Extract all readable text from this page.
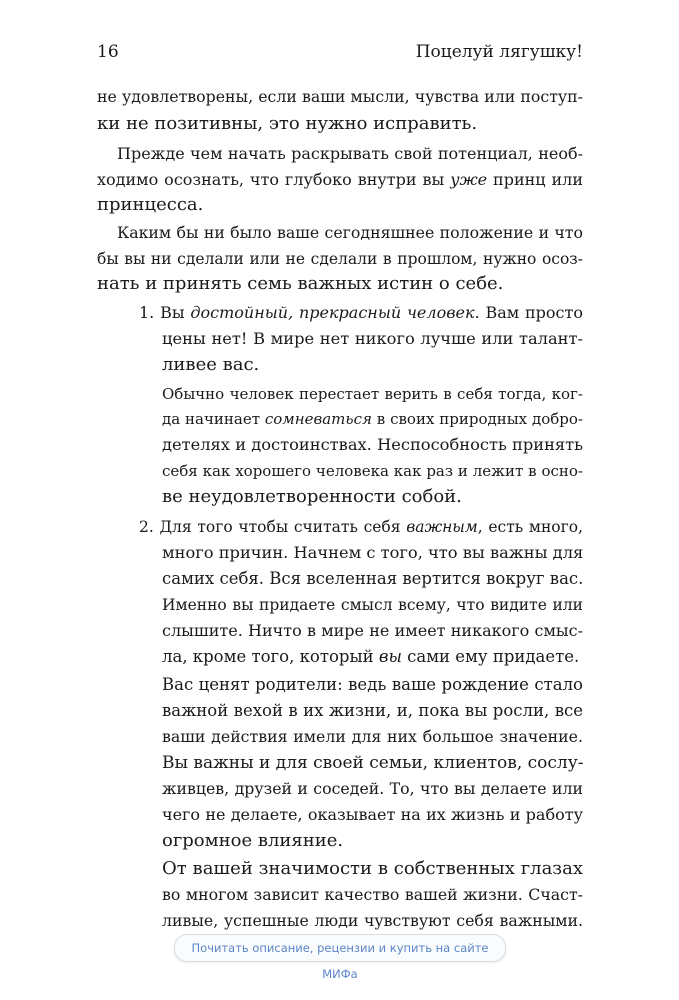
16	Поцелуй лягушку!
не удовлетворены, если ваши мысли, чувства или поступ-
ки не позитивны, это нужно исправить.
Прежде чем начать раскрывать свой потенциал, необ-
ходимо осознать, что глубоко внутри вы уже принц или
принцесса.
Каким бы ни было ваше сегодняшнее положение и что
бы вы ни сделали или не сделали в прошлом, нужно осоз-
нать и принять семь важных истин о себе.
1. Вы достойный, прекрасный человек. Вам просто
цены нет! В мире нет никого лучше или талант-
ливее вас.
Обычно человек перестает верить в себя тогда, ког-
да начинает сомневаться в своих природных добро-
детелях и достоинствах. Неспособность принять
себя как хорошего человека как раз и лежит в осно-
ве неудовлетворенности собой.
2. Для того чтобы считать себя важным, есть много,
много причин. Начнем с того, что вы важны для
самих себя. Вся вселенная вертится вокруг вас.
Именно вы придаете смысл всему, что видите или
слышите. Ничто в мире не имеет никакого смыс-
ла, кроме того, который вы сами ему придаете.
Вас ценят родители: ведь ваше рождение стало
важной вехой в их жизни, и, пока вы росли, все
ваши действия имели для них большое значение.
Вы важны и для своей семьи, клиентов, сослу-
живцев, друзей и соседей. То, что вы делаете или
чего не делаете, оказывает на их жизнь и работу
огромное влияние.
От вашей значимости в собственных глазах
во многом зависит качество вашей жизни. Счаст-
ливые, успешные люди чувствуют себя важными.
Почитать описание, рецензии и купить на сайте МИФа
